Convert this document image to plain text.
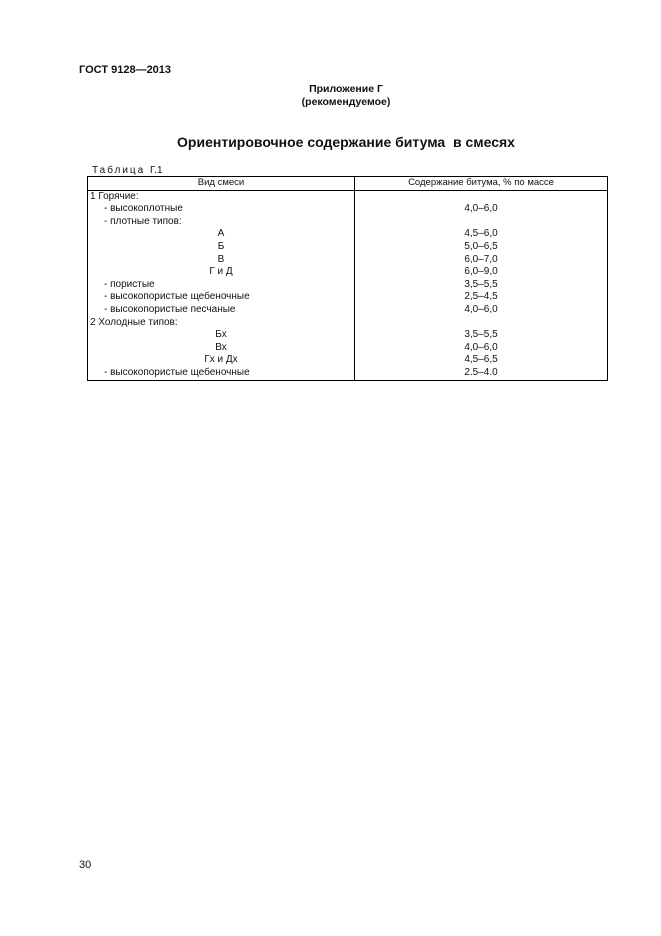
ГОСТ 9128—2013
Приложение Г
(рекомендуемое)
Ориентировочное содержание битума  в смесях
Таблица Г.1
Вид смеси	Содержание битума, % по массе
1 Горячие:	
- высокоплотные	4,0–6,0
- плотные типов:	
А	4,5–6,0
Б	5,0–6,5
В	6,0–7,0
Г и Д	6,0–9,0
- пористые	3,5–5,5
- высокопористые щебеночные	2,5–4,5
- высокопористые песчаные	4,0–6,0
2 Холодные типов:	
Бх	3,5–5,5
Вх	4,0–6,0
Гх и Дх	4,5–6,5
- высокопористые щебеночные	2.5–4.0
30
